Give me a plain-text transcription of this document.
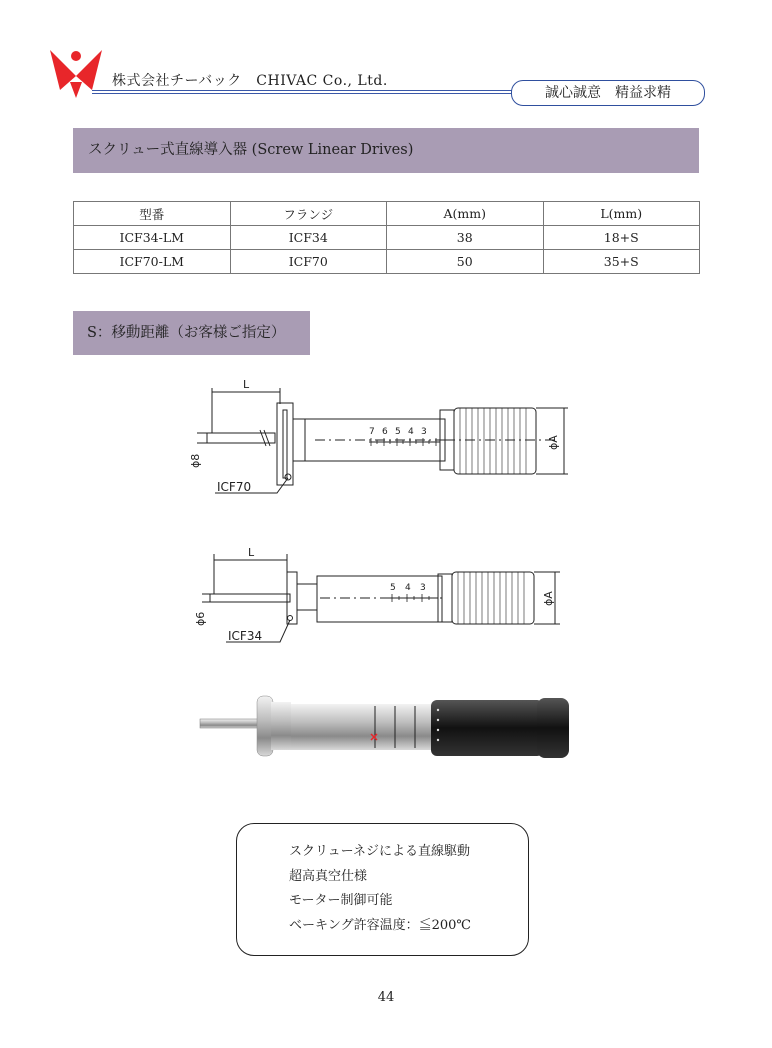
株式会社チーバック　CHIVAC Co., Ltd.
誠心誠意　精益求精
スクリュー式直線導入器 (Screw Linear Drives)
型番	フランジ	A(mm)	L(mm)
ICF34-LM	ICF34	38	18+S
ICF70-LM	ICF70	50	35+S
S：移動距離（お客様ご指定）
L
ϕ8
7 6 5 4 3
ϕA
ICF70
L
ϕ6
5 4 3
ϕA
ICF34
スクリューネジによる直線駆動
超高真空仕様
モーター制御可能
ベーキング許容温度：≦200℃
44
